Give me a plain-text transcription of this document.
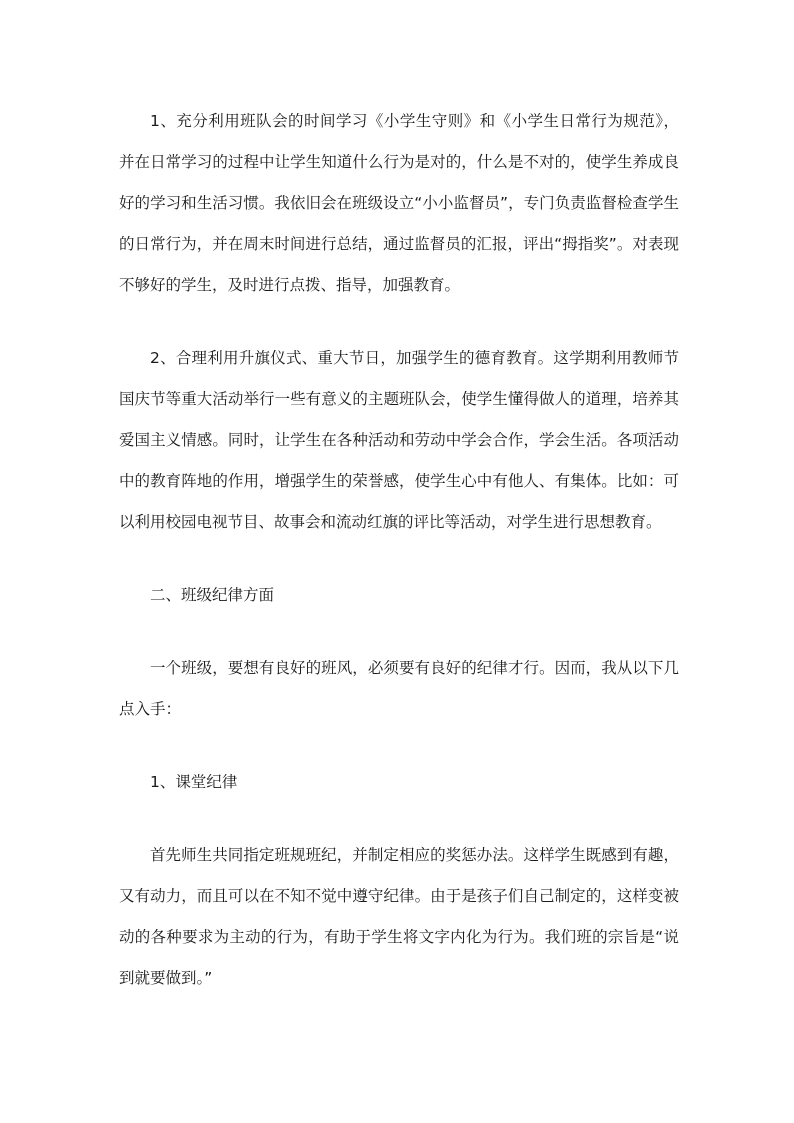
1、充分利用班队会的时间学习《小学生守则》和《小学生日常行为规范》，并在日常学习的过程中让学生知道什么行为是对的，什么是不对的，使学生养成良好的学习和生活习惯。我依旧会在班级设立“小小监督员”，专门负责监督检查学生的日常行为，并在周末时间进行总结，通过监督员的汇报，评出“拇指奖”。对表现不够好的学生，及时进行点拨、指导，加强教育。

2、合理利用升旗仪式、重大节日，加强学生的德育教育。这学期利用教师节国庆节等重大活动举行一些有意义的主题班队会，使学生懂得做人的道理，培养其爱国主义情感。同时，让学生在各种活动和劳动中学会合作，学会生活。各项活动中的教育阵地的作用，增强学生的荣誉感，使学生心中有他人、有集体。比如：可以利用校园电视节目、故事会和流动红旗的评比等活动，对学生进行思想教育。

二、班级纪律方面

一个班级，要想有良好的班风，必须要有良好的纪律才行。因而，我从以下几点入手：

1、课堂纪律

首先师生共同指定班规班纪，并制定相应的奖惩办法。这样学生既感到有趣，又有动力，而且可以在不知不觉中遵守纪律。由于是孩子们自己制定的，这样变被动的各种要求为主动的行为，有助于学生将文字内化为行为。我们班的宗旨是“说到就要做到。”
